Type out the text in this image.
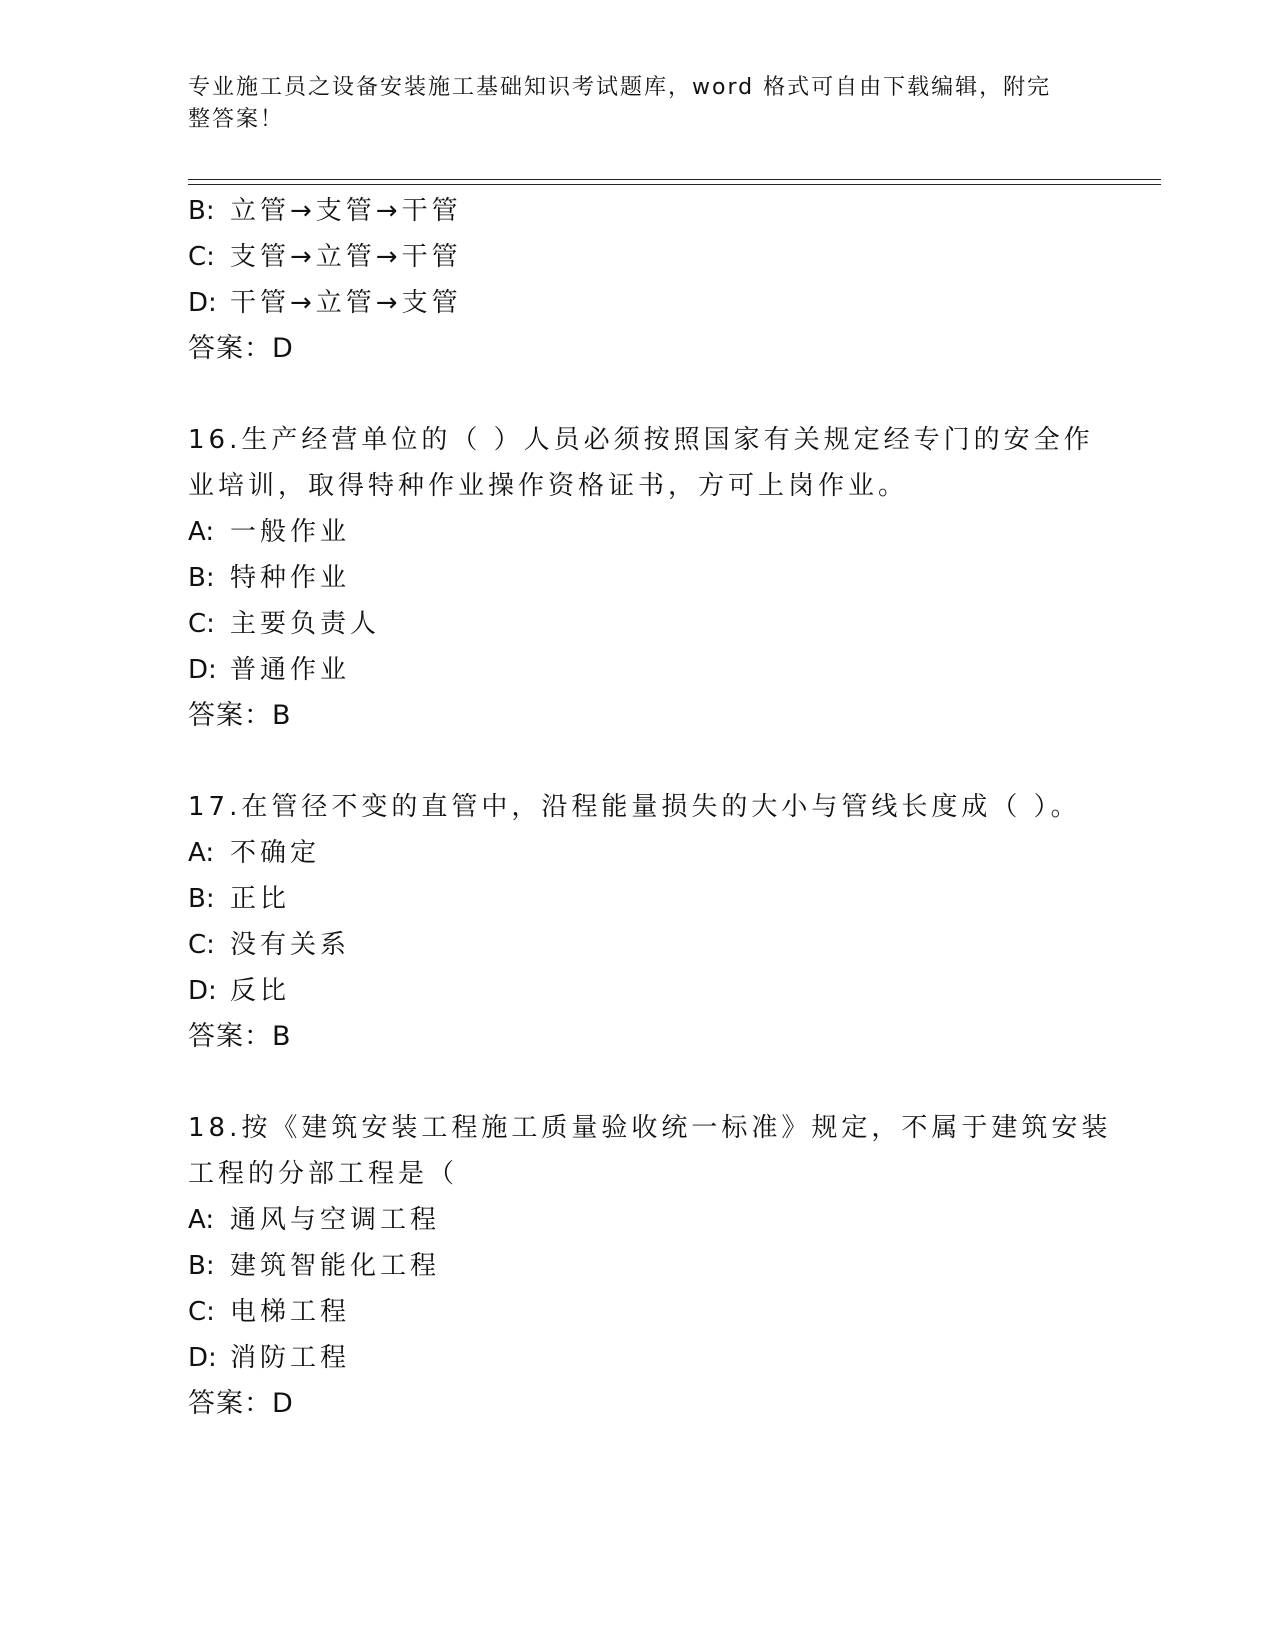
专业施工员之设备安装施工基础知识考试题库，word 格式可自由下载编辑，附完
整答案！
B: 立管→支管→干管
C: 支管→立管→干管
D: 干管→立管→支管
答案：D
16.生产经营单位的（ ）人员必须按照国家有关规定经专门的安全作
业培训，取得特种作业操作资格证书，方可上岗作业。
A: 一般作业
B: 特种作业
C: 主要负责人
D: 普通作业
答案：B
17.在管径不变的直管中，沿程能量损失的大小与管线长度成（ ）。
A: 不确定
B: 正比
C: 没有关系
D: 反比
答案：B
18.按《建筑安装工程施工质量验收统一标准》规定，不属于建筑安装
工程的分部工程是（
A: 通风与空调工程
B: 建筑智能化工程
C: 电梯工程
D: 消防工程
答案：D
